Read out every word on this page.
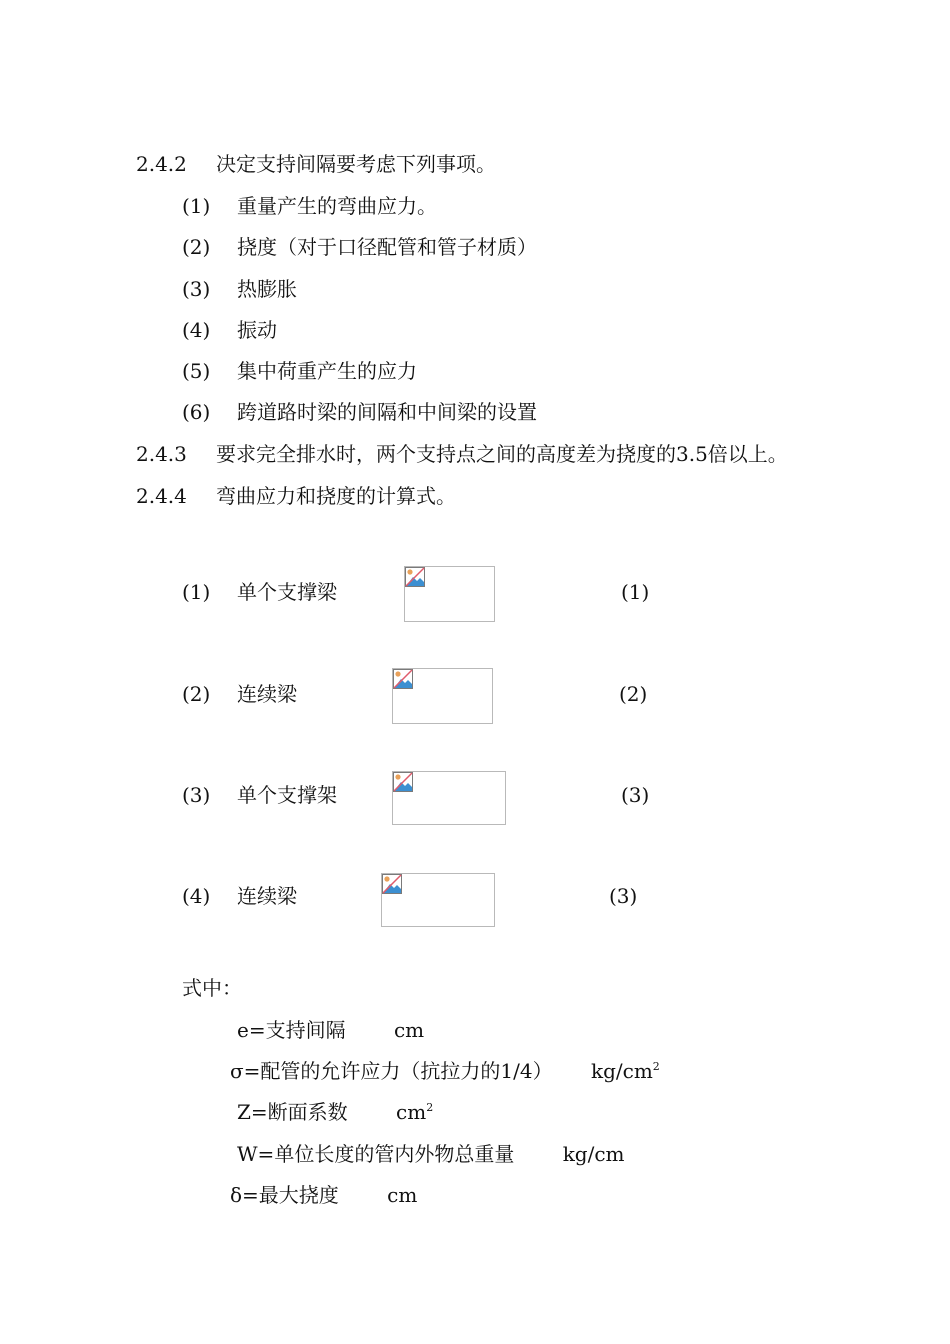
2.4.2 决定支持间隔要考虑下列事项。
(1) 重量产生的弯曲应力。
(2) 挠度（对于口径配管和管子材质）
(3) 热膨胀
(4) 振动
(5) 集中荷重产生的应力
(6) 跨道路时梁的间隔和中间梁的设置
2.4.3 要求完全排水时，两个支持点之间的高度差为挠度的3.5倍以上。
2.4.4 弯曲应力和挠度的计算式。
(1) 单个支撑梁	(1)
(2) 连续梁	(2)
(3) 单个支撑架	(3)
(4) 连续梁	(3)
式中：
e=支持间隔 cm
σ=配管的允许应力（抗拉力的1/4） $kg/cm^2$
Z=断面系数 $cm^2$
W=单位长度的管内外物总重量 kg/cm
δ=最大挠度 cm
